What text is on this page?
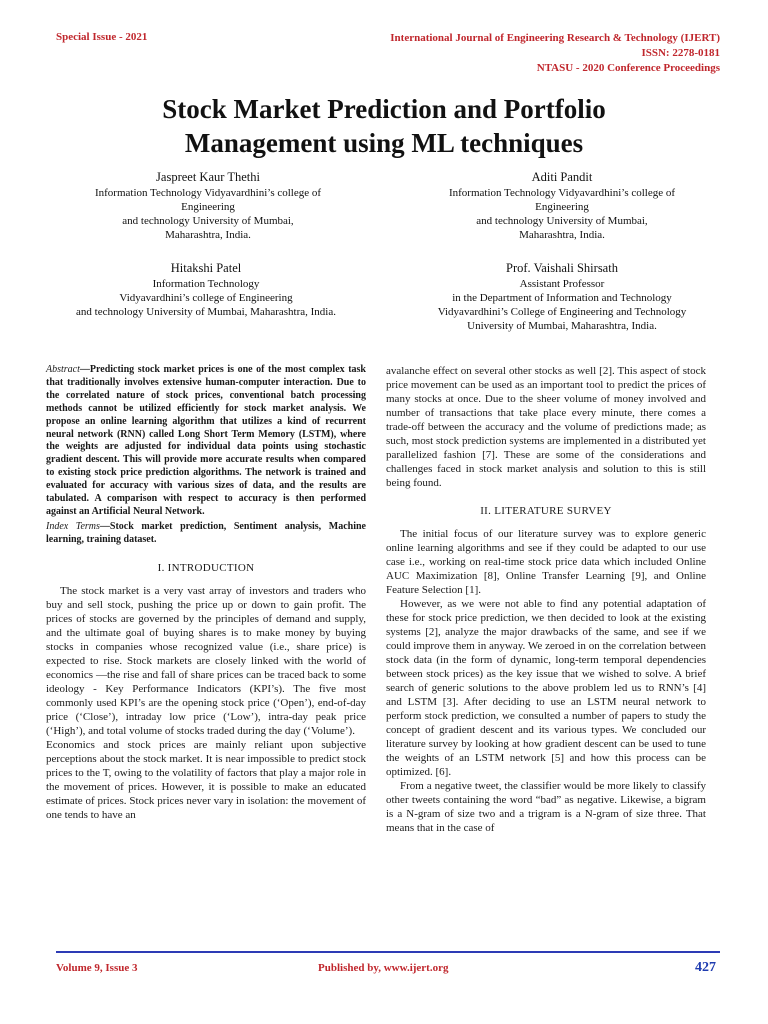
Special Issue - 2021	International Journal of Engineering Research & Technology (IJERT)
ISSN: 2278-0181
NTASU - 2020 Conference Proceedings
Stock Market Prediction and Portfolio
Management using ML techniques
Jaspreet Kaur Thethi
Information Technology Vidyavardhini’s college of
Engineering
and technology University of Mumbai,
Maharashtra, India.
Aditi Pandit
Information Technology Vidyavardhini’s college of
Engineering
and technology University of Mumbai,
Maharashtra, India.
Hitakshi Patel
Information Technology
Vidyavardhini’s college of Engineering
and technology University of Mumbai, Maharashtra, India.
Prof. Vaishali Shirsath
Assistant Professor
in the Department of Information and Technology
Vidyavardhini’s College of Engineering and Technology
University of Mumbai, Maharashtra, India.
Abstract—Predicting stock market prices is one of the most complex task that traditionally involves extensive human-computer interaction. Due to the correlated nature of stock prices, conventional batch processing methods cannot be utilized efficiently for stock market analysis. We propose an online learning algorithm that utilizes a kind of recurrent neural network (RNN) called Long Short Term Memory (LSTM), where the weights are adjusted for individual data points using stochastic gradient descent. This will provide more accurate results when compared to existing stock price prediction algorithms. The network is trained and evaluated for accuracy with various sizes of data, and the results are tabulated. A comparison with respect to accuracy is then performed against an Artificial Neural Network.
Index Terms—Stock market prediction, Sentiment analysis, Machine learning, training dataset.
I. INTRODUCTION

The stock market is a very vast array of investors and traders who buy and sell stock, pushing the price up or down to gain profit. The prices of stocks are governed by the principles of demand and supply, and the ultimate goal of buying shares is to make money by buying stocks in companies whose recognized value (i.e., share price) is expected to rise. Stock markets are closely linked with the world of economics —the rise and fall of share prices can be traced back to some ideology - Key Performance Indicators (KPI’s). The five most commonly used KPI’s are the opening stock price (‘Open’), end-of-day price (‘Close’), intraday low price (‘Low’), intra-day peak price (‘High’), and total volume of stocks traded during the day (‘Volume’).

Economics and stock prices are mainly reliant upon subjective perceptions about the stock market. It is near impossible to predict stock prices to the T, owing to the volatility of factors that play a major role in the movement of prices. However, it is possible to make an educated estimate of prices. Stock prices never vary in isolation: the movement of one tends to have an

avalanche effect on several other stocks as well [2]. This aspect of stock price movement can be used as an important tool to predict the prices of many stocks at once. Due to the sheer volume of money involved and number of transactions that take place every minute, there comes a trade-off between the accuracy and the volume of predictions made; as such, most stock prediction systems are implemented in a distributed yet parallelized fashion [7]. These are some of the considerations and challenges faced in stock market analysis and solution to this is still being found.

II. LITERATURE SURVEY

The initial focus of our literature survey was to explore generic online learning algorithms and see if they could be adapted to our use case i.e., working on real-time stock price data which included Online AUC Maximization [8], Online Transfer Learning [9], and Online Feature Selection [1].

However, as we were not able to find any potential adaptation of these for stock price prediction, we then decided to look at the existing systems [2], analyze the major drawbacks of the same, and see if we could improve them in anyway. We zeroed in on the correlation between stock data (in the form of dynamic, long-term temporal dependencies between stock prices) as the key issue that we wished to solve. A brief search of generic solutions to the above problem led us to RNN’s [4] and LSTM [3]. After deciding to use an LSTM neural network to perform stock prediction, we consulted a number of papers to study the concept of gradient descent and its various types. We concluded our literature survey by looking at how gradient descent can be used to tune the weights of an LSTM network [5] and how this process can be optimized. [6].

From a negative tweet, the classifier would be more likely to classify other tweets containing the word “bad” as negative. Likewise, a bigram is a N-gram of size two and a trigram is a N-gram of size three. That means that in the case of

Volume 9, Issue 3	Published by, www.ijert.org	427
